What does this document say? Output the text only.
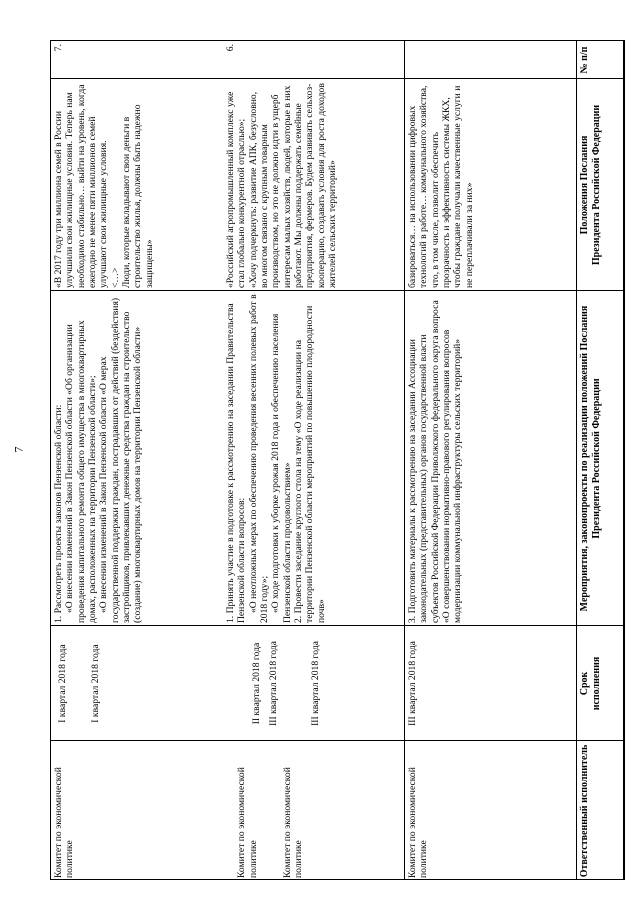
7
№ п/п
Положения Послания
Президента Российской Федерации
Мероприятия, законопроекты по реализации положений Послания Президента Российской Федерации
Срок
исполнения
Ответственный исполнитель

базироваться… на использовании цифровых технологий в работе… коммунального хозяйства, что, в том числе, позволит обеспечить прозрачность и эффективность системы ЖКХ, чтобы граждане получали качественные услуги и не переплачивали за них»

3. Подготовить материалы к рассмотрению на заседании Ассоциации законодательных (представительных) органов государственной власти субъектов Российской Федерации Приволжского федерального округа вопроса «О совершенствовании нормативно-правового регулирования вопросов модернизации коммунальной инфраструктуры сельских территорий»

III квартал 2018 года

Комитет по экономической политике

6.

«Российский агропромышленный комплекс уже стал глобально конкурентной отраслью»; «Хочу подчеркнуть: развитие АПК, безусловно, во многом связано с крупным товарным производством, но это не должно идти в ущерб интересам малых хозяйств, людей, которые в них работают. Мы должны поддержать семейные предприятия, фермеров. Будем развивать сельхоз-кооперацию, создавать условия для роста доходов жителей сельских территорий»

1. Принять участие в подготовке к рассмотрению на заседании Правительства Пензенской области вопросов: «О неотложных мерах по обеспечению проведения весенних полевых работ в 2018 году»; «О ходе подготовки к уборке урожая 2018 года и обеспечению населения Пензенской области продовольствием» 2. Провести заседание круглого стола на тему «О ходе реализации на территории Пензенской области мероприятий по повышению плодородности почв»

II квартал 2018 года III квартал 2018 года	III квартал 2018 года

Комитет по экономической политике

Комитет по экономической политике

7.

«В 2017 году три миллиона семей в России улучшили свои жилищные условия. Теперь нам необходимо стабильно… выйти на уровень, когда ежегодно не менее пяти миллионов семей улучшают свои жилищные условия. <…> Люди, которые вкладывают свои деньги в строительство жилья, должны быть надежно защищены»

1. Рассмотреть проекты законов Пензенской области: «О внесении изменений в Закон Пензенской области «Об организации проведения капитального ремонта общего имущества в многоквартирных домах, расположенных на территории Пензенской области»; «О внесении изменений в Закон Пензенской области «О мерах государственной поддержки граждан, пострадавших от действий (бездействия) застройщиков, привлекавших денежные средства граждан на строительство (создание) многоквартирных домов на территории Пензенской области»

I квартал 2018 года I квартал 2018 года

Комитет по экономической политике
